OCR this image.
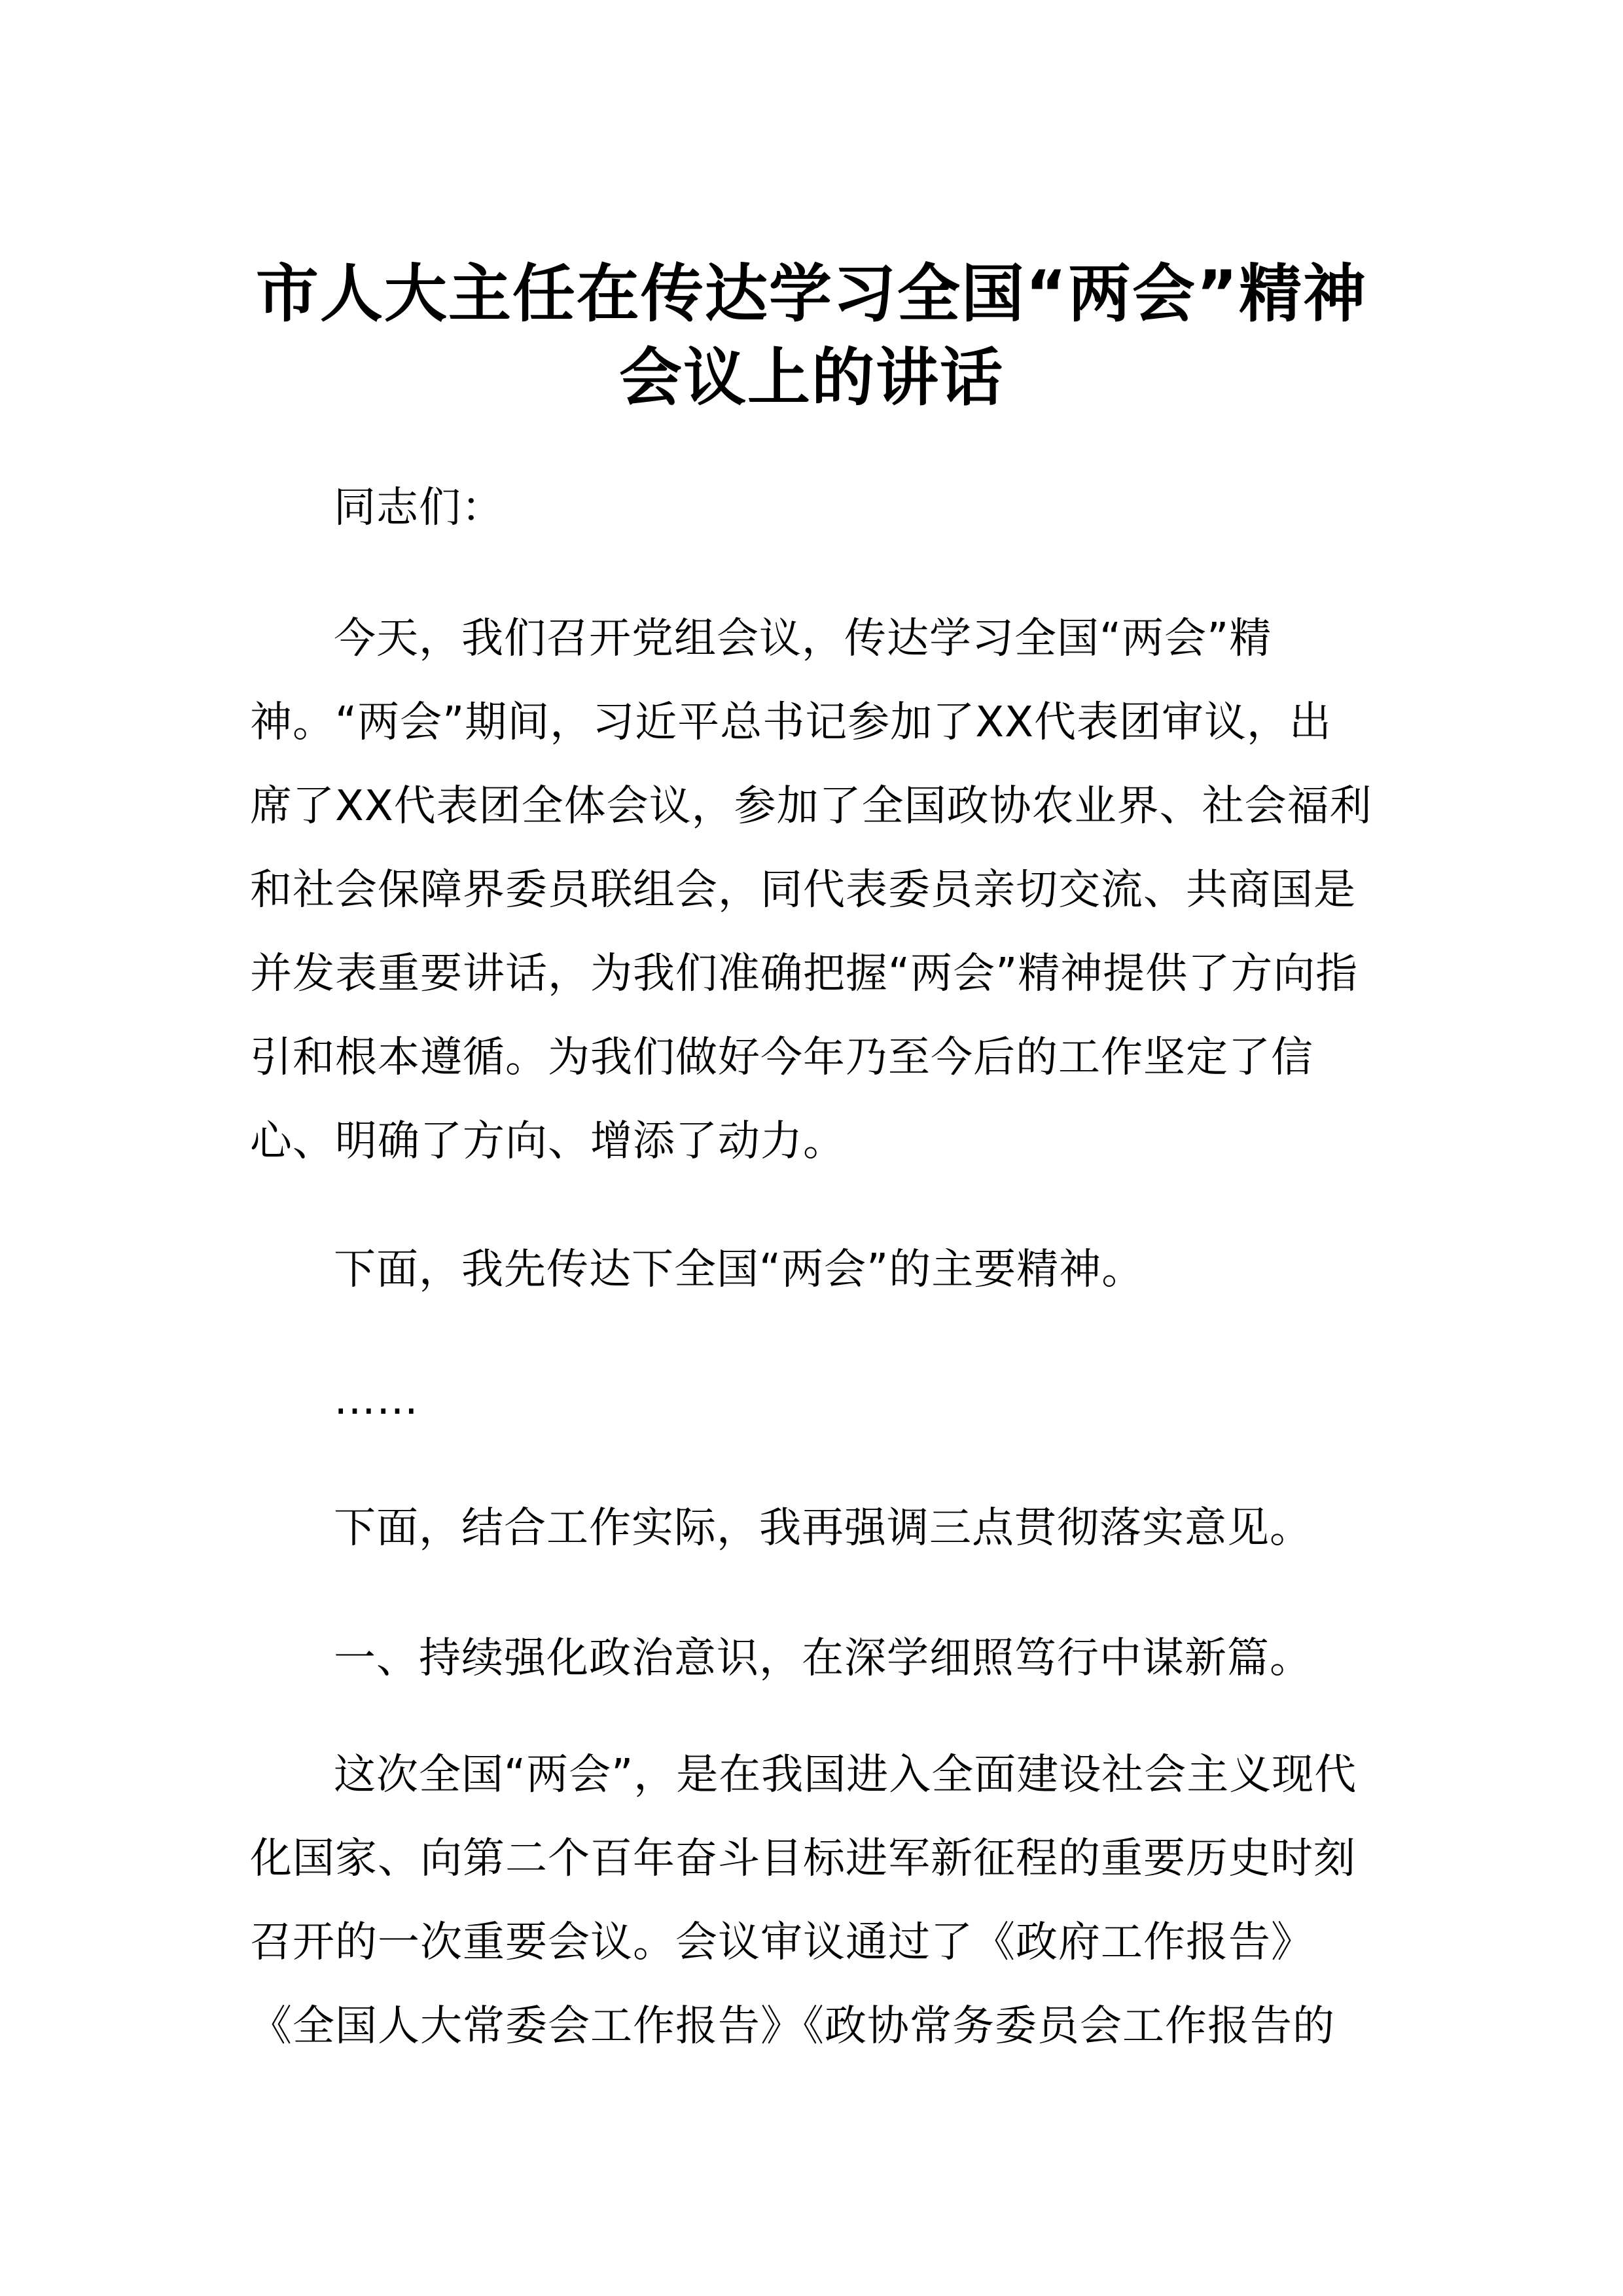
市人大主任在传达学习全国“两会”精神会议上的讲话

同志们：

今天，我们召开党组会议，传达学习全国“两会”精神。“两会”期间，习近平总书记参加了XX代表团审议，出席了XX代表团全体会议，参加了全国政协农业界、社会福利和社会保障界委员联组会，同代表委员亲切交流、共商国是并发表重要讲话，为我们准确把握“两会”精神提供了方向指引和根本遵循。为我们做好今年乃至今后的工作坚定了信心、明确了方向、增添了动力。

下面，我先传达下全国“两会”的主要精神。

……

下面，结合工作实际，我再强调三点贯彻落实意见。

一、持续强化政治意识，在深学细照笃行中谋新篇。

这次全国“两会”，是在我国进入全面建设社会主义现代化国家、向第二个百年奋斗目标进军新征程的重要历史时刻召开的一次重要会议。会议审议通过了《政府工作报告》《全国人大常委会工作报告》《政协常务委员会工作报告的
